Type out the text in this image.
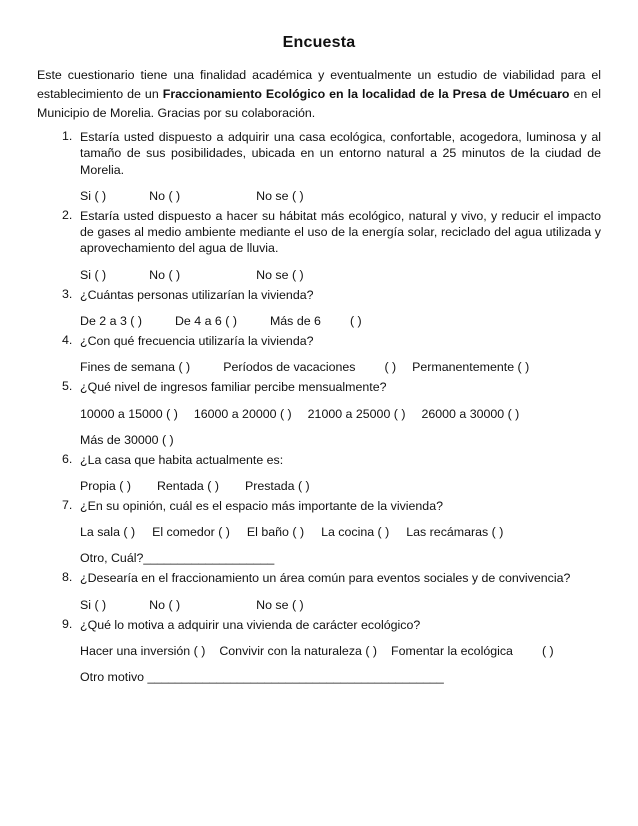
Encuesta

Este cuestionario tiene una finalidad académica y eventualmente un estudio de viabilidad para el establecimiento de un Fraccionamiento Ecológico en la localidad de la Presa de Umécuaro en el Municipio de Morelia. Gracias por su colaboración.

1. Estaría usted dispuesto a adquirir una casa ecológica, confortable, acogedora, luminosa y al tamaño de sus posibilidades, ubicada en un entorno natural a 25 minutos de la ciudad de Morelia.
Si ( )	No ( )	No se ( )
2. Estaría usted dispuesto a hacer su hábitat más ecológico, natural y vivo, y reducir el impacto de gases al medio ambiente mediante el uso de la energía solar, reciclado del agua utilizada y aprovechamiento del agua de lluvia.
Si ( )	No ( )	No se ( )
3. ¿Cuántas personas utilizarían la vivienda?
De 2 a 3 ( )	De 4 a 6 ( )	Más de 6 ( )
4. ¿Con qué frecuencia utilizaría la vivienda?
Fines de semana ( )	Períodos de vacaciones ( ) Permanentemente ( )
5. ¿Qué nivel de ingresos familiar percibe mensualmente?
10000 a 15000 ( ) 16000 a 20000 ( ) 21000 a 25000 ( ) 26000 a 30000 ( )
Más de 30000 ( )
6. ¿La casa que habita actualmente es:
Propia ( ) Rentada ( ) Prestada ( )
7. ¿En su opinión, cuál es el espacio más importante de la vivienda?
La sala ( ) El comedor ( ) El baño ( ) La cocina ( ) Las recámaras ( )
Otro, Cuál?___________________
8. ¿Desearía en el fraccionamiento un área común para eventos sociales y de convivencia?
Si ( )	No ( )	No se ( )
9. ¿Qué lo motiva a adquirir una vivienda de carácter ecológico?
Hacer una inversión ( ) Convivir con la naturaleza ( ) Fomentar la ecológica ( )
Otro motivo ___________________________________________
